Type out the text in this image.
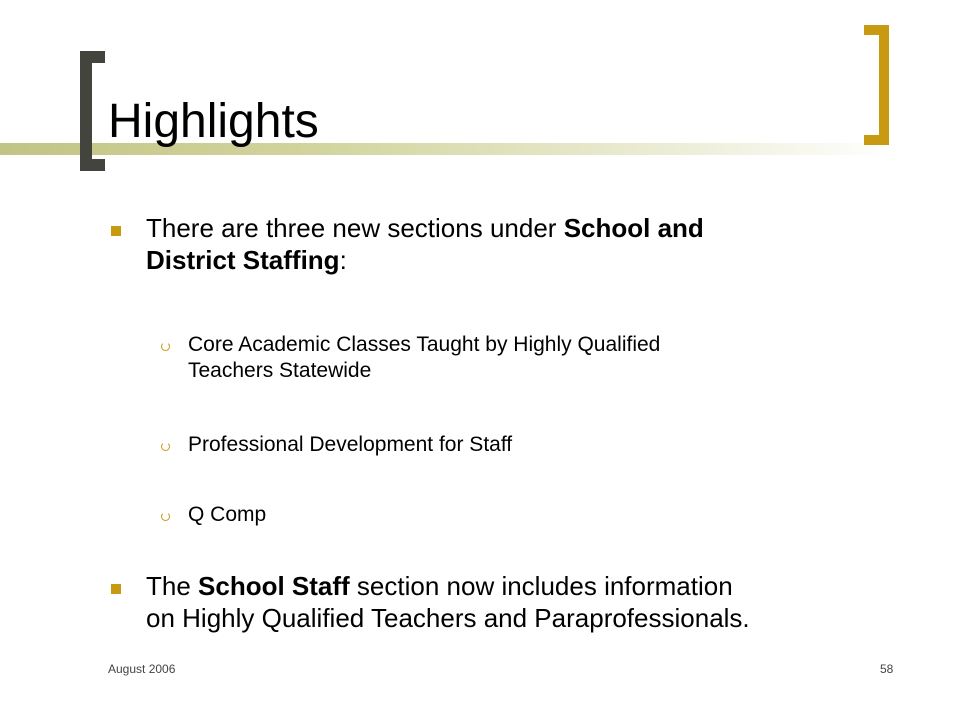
Highlights
There are three new sections under School and
District Staffing:
Core Academic Classes Taught by Highly Qualified
Teachers Statewide
Professional Development for Staff
Q Comp
The School Staff section now includes information
on Highly Qualified Teachers and Paraprofessionals.
August 2006	58
